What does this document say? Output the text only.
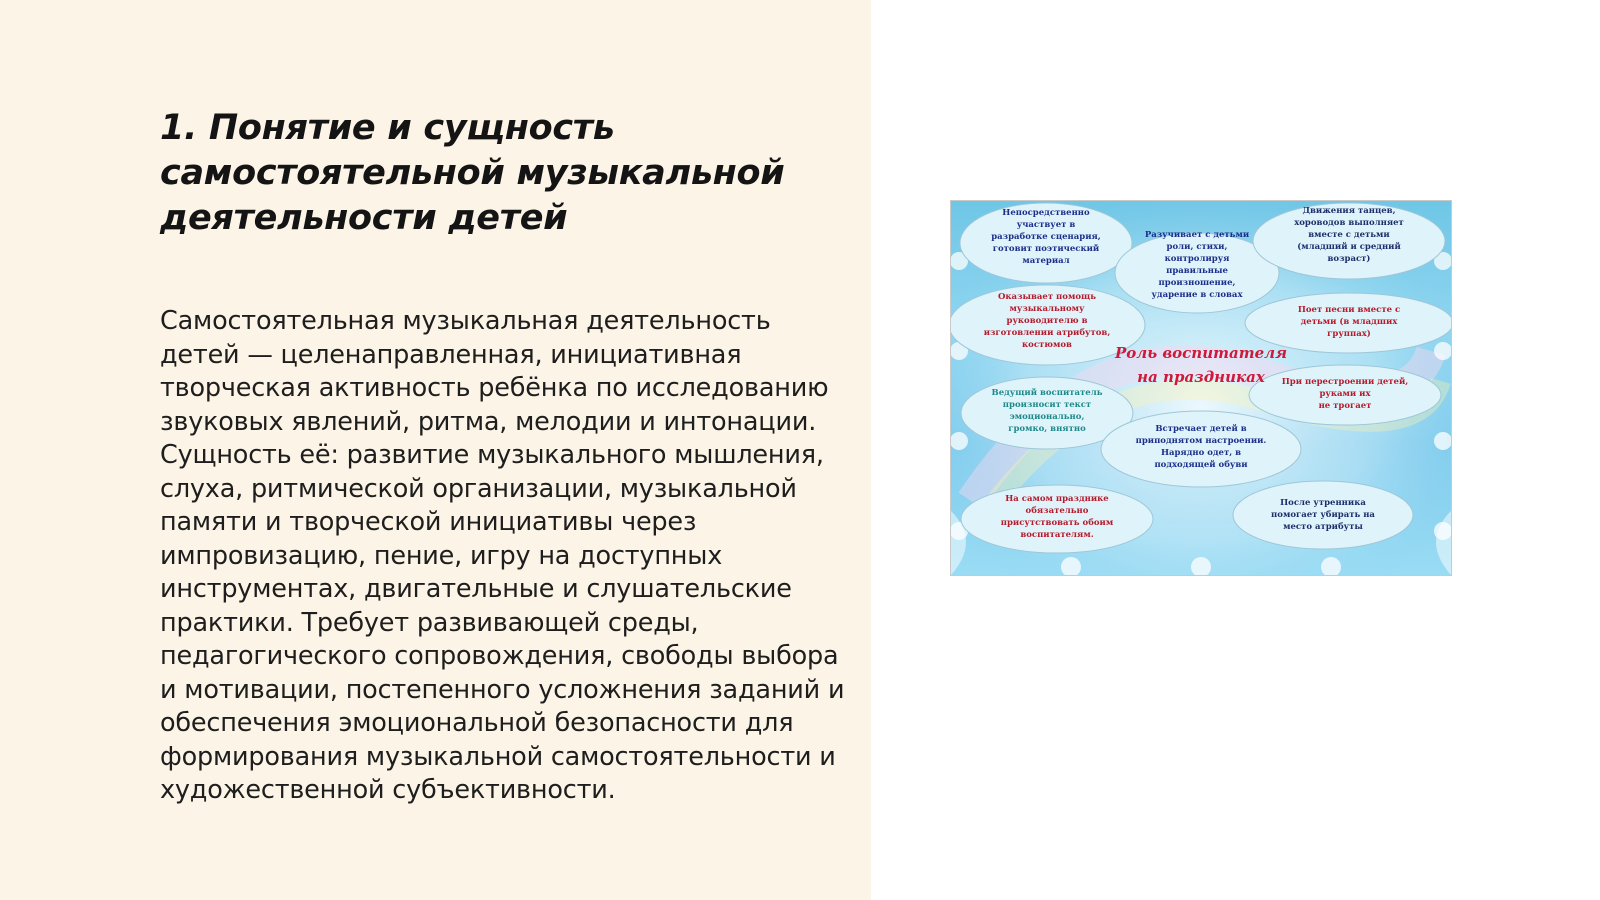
1. Понятие и сущность самостоятельной музыкальной деятельности детей

Самостоятельная музыкальная деятельность детей — целенаправленная, инициативная творческая активность ребёнка по исследованию звуковых явлений, ритма, мелодии и интонации. Сущность её: развитие музыкального мышления, слуха, ритмической организации, музыкальной памяти и творческой инициативы через импровизацию, пение, игру на доступных инструментах, двигательные и слушательские практики. Требует развивающей среды, педагогического сопровождения, свободы выбора и мотивации, постепенного усложнения заданий и обеспечения эмоциональной безопасности для формирования музыкальной самостоятельности и художественной субъективности.

Непосредственно
участвует в
разработке сценария,
готовит поэтический
материал
Разучивает с детьми
роли, стихи,
контролируя
правильные
произношение,
ударение в словах
Движения танцев,
хороводов выполняет
вместе с детьми
(младший и средний
возраст)
Оказывает помощь
музыкальному
руководителю в
изготовлении атрибутов,
костюмов
Поет песни вместе с
детьми (в младших
группах)
Ведущий воспитатель
произносит текст
эмоционально,
громко, внятно
При перестроении детей,
руками их
не трогает
Встречает детей в
приподнятом настроении.
Нарядно одет, в
подходящей обуви
На самом празднике
обязательно
присутствовать обоим
воспитателям.
После утренника
помогает убирать на
место атрибуты
Роль воспитателя на праздниках
